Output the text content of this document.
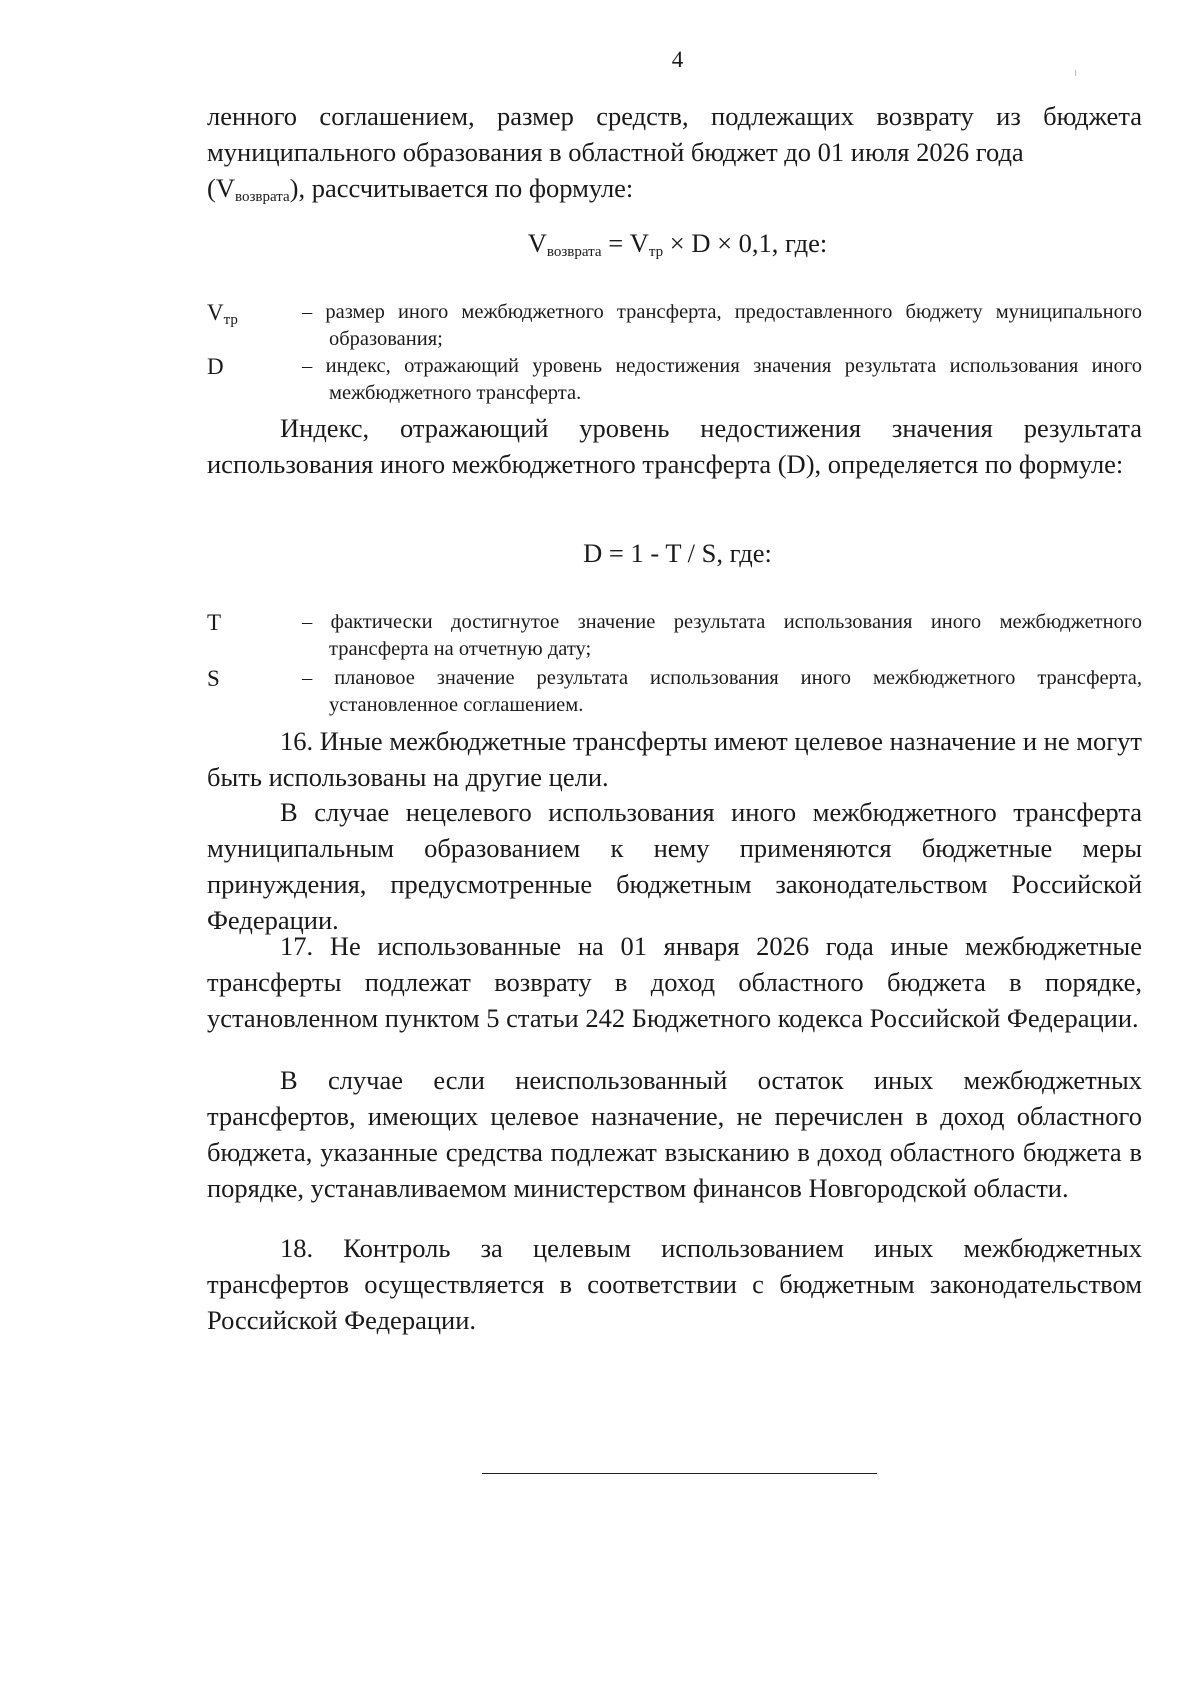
4
ленного соглашением, размер средств, подлежащих возврату из бюджета муниципального образования в областной бюджет до 01 июля 2026 года
$(V_{возврата})$, рассчитывается по формуле:
$V_{возврата} = V_{тр} \times D \times 0,1$, где:
$V_{тр}$	– размер иного межбюджетного трансферта, предоставленного бюджету муниципального образования;
D	– индекс, отражающий уровень недостижения значения результата использования иного межбюджетного трансферта.
Индекс, отражающий уровень недостижения значения результата использования иного межбюджетного трансферта (D), определяется по формуле:
D = 1 - T / S, где:
T	– фактически достигнутое значение результата использования иного межбюджетного трансферта на отчетную дату;
S	– плановое значение результата использования иного межбюджетного трансферта, установленное соглашением.
16. Иные межбюджетные трансферты имеют целевое назначение и не могут быть использованы на другие цели.
В случае нецелевого использования иного межбюджетного трансферта муниципальным образованием к нему применяются бюджетные меры принуждения, предусмотренные бюджетным законодательством Российской Федерации.
17. Не использованные на 01 января 2026 года иные межбюджетные трансферты подлежат возврату в доход областного бюджета в порядке, установленном пунктом 5 статьи 242 Бюджетного кодекса Российской Федерации.
В случае если неиспользованный остаток иных межбюджетных трансфертов, имеющих целевое назначение, не перечислен в доход областного бюджета, указанные средства подлежат взысканию в доход областного бюджета в порядке, устанавливаемом министерством финансов Новгородской области.
18. Контроль за целевым использованием иных межбюджетных трансфертов осуществляется в соответствии с бюджетным законодательством Российской Федерации.
